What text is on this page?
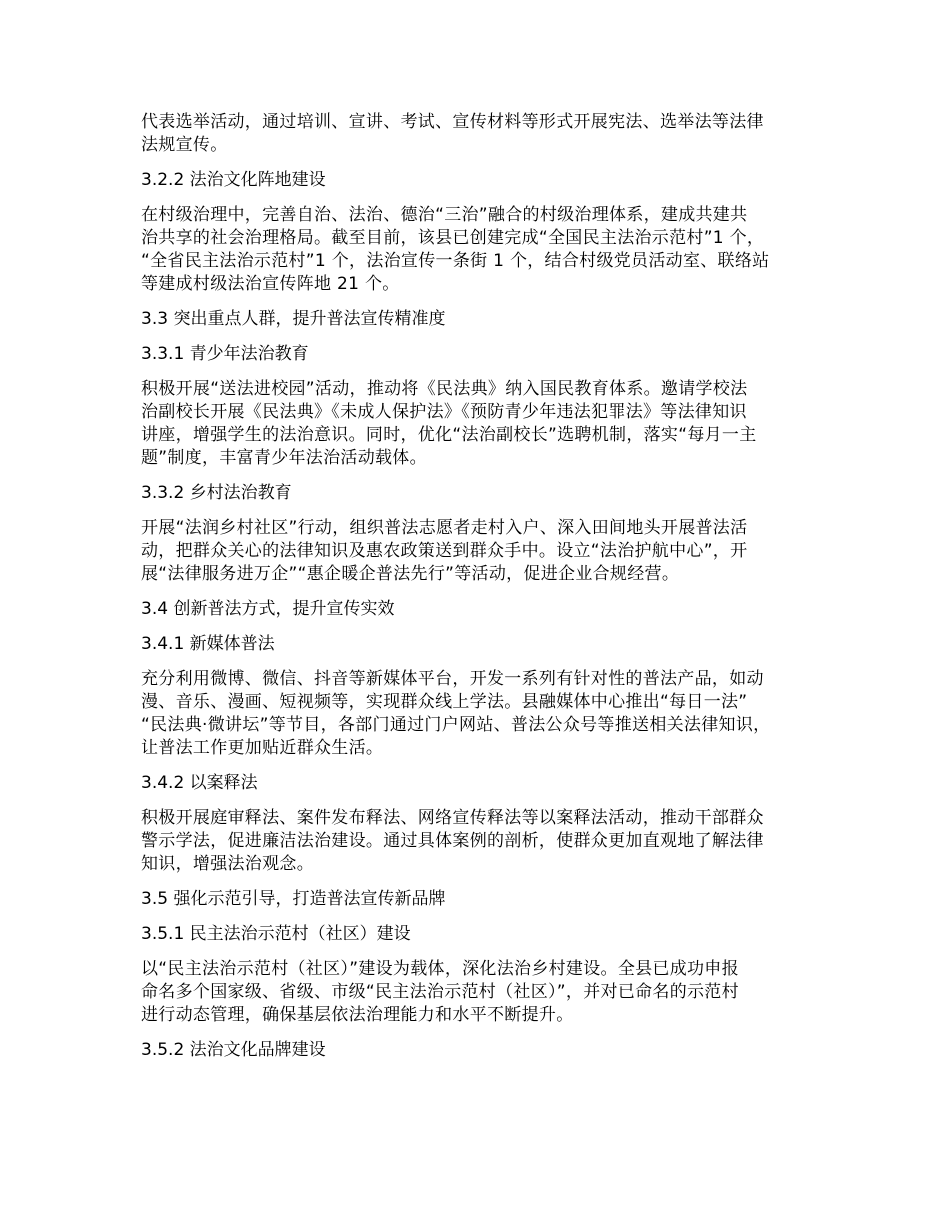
代表选举活动，通过培训、宣讲、考试、宣传材料等形式开展宪法、选举法等法律
法规宣传。

3.2.2 法治文化阵地建设

在村级治理中，完善自治、法治、德治“三治”融合的村级治理体系，建成共建共
治共享的社会治理格局。截至目前，该县已创建完成“全国民主法治示范村”1 个，
“全省民主法治示范村”1 个，法治宣传一条街 1 个，结合村级党员活动室、联络站
等建成村级法治宣传阵地 21 个。

3.3 突出重点人群，提升普法宣传精准度

3.3.1 青少年法治教育

积极开展“送法进校园”活动，推动将《民法典》纳入国民教育体系。邀请学校法
治副校长开展《民法典》《未成人保护法》《预防青少年违法犯罪法》等法律知识
讲座，增强学生的法治意识。同时，优化“法治副校长”选聘机制，落实“每月一主
题”制度，丰富青少年法治活动载体。

3.3.2 乡村法治教育

开展“法润乡村社区”行动，组织普法志愿者走村入户、深入田间地头开展普法活
动，把群众关心的法律知识及惠农政策送到群众手中。设立“法治护航中心”，开
展“法律服务进万企”“惠企暖企普法先行”等活动，促进企业合规经营。

3.4 创新普法方式，提升宣传实效

3.4.1 新媒体普法

充分利用微博、微信、抖音等新媒体平台，开发一系列有针对性的普法产品，如动
漫、音乐、漫画、短视频等，实现群众线上学法。县融媒体中心推出“每日一法”
“民法典·微讲坛”等节目，各部门通过门户网站、普法公众号等推送相关法律知识，
让普法工作更加贴近群众生活。

3.4.2 以案释法

积极开展庭审释法、案件发布释法、网络宣传释法等以案释法活动，推动干部群众
警示学法，促进廉洁法治建设。通过具体案例的剖析，使群众更加直观地了解法律
知识，增强法治观念。

3.5 强化示范引导，打造普法宣传新品牌

3.5.1 民主法治示范村（社区）建设

以“民主法治示范村（社区）”建设为载体，深化法治乡村建设。全县已成功申报
命名多个国家级、省级、市级“民主法治示范村（社区）”，并对已命名的示范村
进行动态管理，确保基层依法治理能力和水平不断提升。

3.5.2 法治文化品牌建设
